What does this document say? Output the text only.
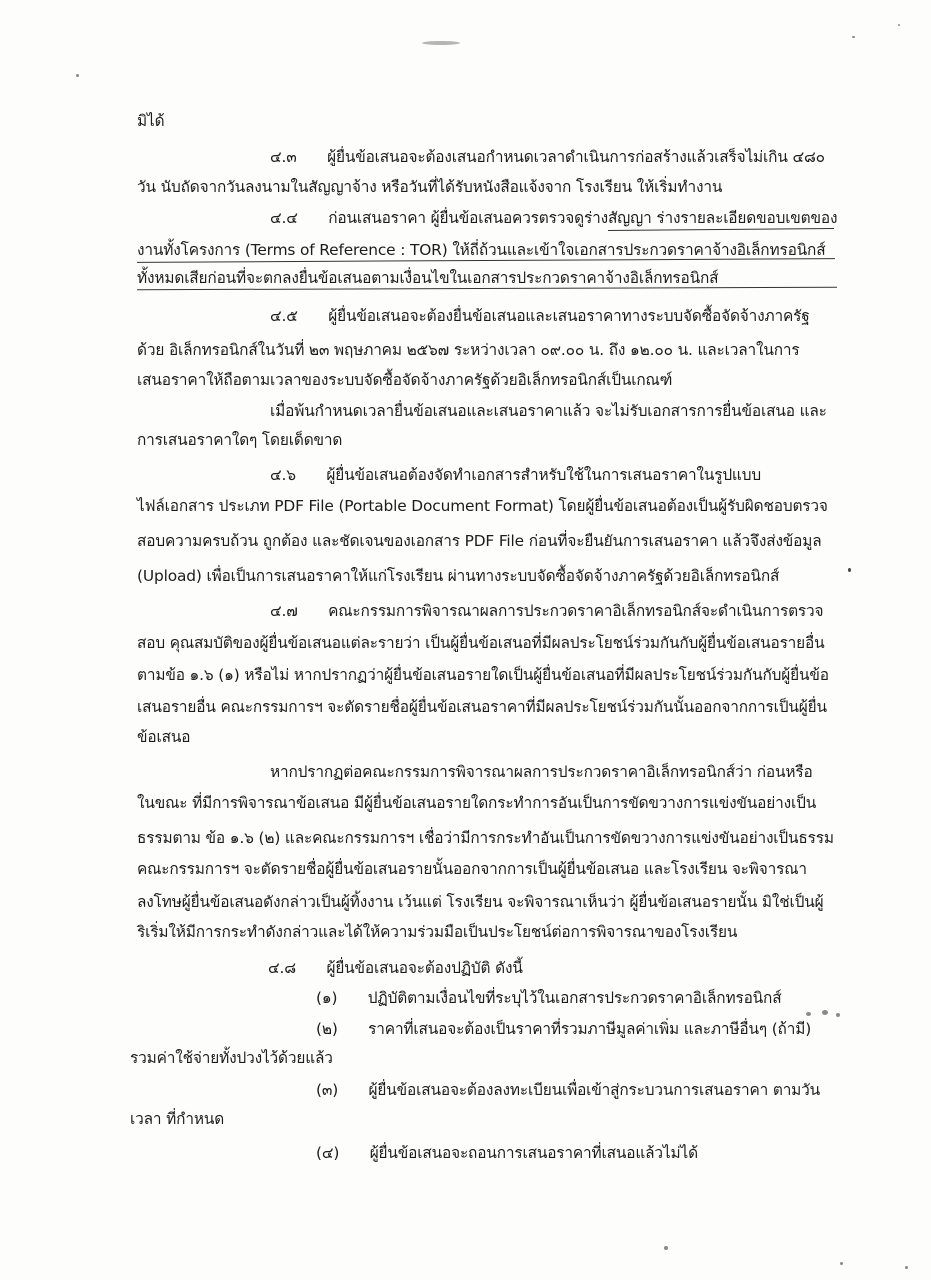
มิได้
๔.๓  ผู้ยื่นข้อเสนอจะต้องเสนอกำหนดเวลาดำเนินการก่อสร้างแล้วเสร็จไม่เกิน ๔๘๐
วัน นับถัดจากวันลงนามในสัญญาจ้าง หรือวันที่ได้รับหนังสือแจ้งจาก โรงเรียน ให้เริ่มทำงาน
๔.๔  ก่อนเสนอราคา ผู้ยื่นข้อเสนอควรตรวจดูร่างสัญญา ร่างรายละเอียดขอบเขตของ
งานทั้งโครงการ (Terms of Reference : TOR) ให้ถี่ถ้วนและเข้าใจเอกสารประกวดราคาจ้างอิเล็กทรอนิกส์
ทั้งหมดเสียก่อนที่จะตกลงยื่นข้อเสนอตามเงื่อนไขในเอกสารประกวดราคาจ้างอิเล็กทรอนิกส์
๔.๕  ผู้ยื่นข้อเสนอจะต้องยื่นข้อเสนอและเสนอราคาทางระบบจัดซื้อจัดจ้างภาครัฐ
ด้วย อิเล็กทรอนิกส์ในวันที่ ๒๓ พฤษภาคม ๒๕๖๗ ระหว่างเวลา ๐๙.๐๐ น. ถึง ๑๒.๐๐ น. และเวลาในการ
เสนอราคาให้ถือตามเวลาของระบบจัดซื้อจัดจ้างภาครัฐด้วยอิเล็กทรอนิกส์เป็นเกณฑ์
เมื่อพ้นกำหนดเวลายื่นข้อเสนอและเสนอราคาแล้ว จะไม่รับเอกสารการยื่นข้อเสนอ และ
การเสนอราคาใดๆ โดยเด็ดขาด
๔.๖  ผู้ยื่นข้อเสนอต้องจัดทำเอกสารสำหรับใช้ในการเสนอราคาในรูปแบบ
ไฟล์เอกสาร ประเภท PDF File (Portable Document Format) โดยผู้ยื่นข้อเสนอต้องเป็นผู้รับผิดชอบตรวจ
สอบความครบถ้วน ถูกต้อง และชัดเจนของเอกสาร PDF File ก่อนที่จะยืนยันการเสนอราคา แล้วจึงส่งข้อมูล
(Upload) เพื่อเป็นการเสนอราคาให้แก่โรงเรียน ผ่านทางระบบจัดซื้อจัดจ้างภาครัฐด้วยอิเล็กทรอนิกส์
๔.๗  คณะกรรมการพิจารณาผลการประกวดราคาอิเล็กทรอนิกส์จะดำเนินการตรวจ
สอบ คุณสมบัติของผู้ยื่นข้อเสนอแต่ละรายว่า เป็นผู้ยื่นข้อเสนอที่มีผลประโยชน์ร่วมกันกับผู้ยื่นข้อเสนอรายอื่น
ตามข้อ ๑.๖ (๑) หรือไม่ หากปรากฏว่าผู้ยื่นข้อเสนอรายใดเป็นผู้ยื่นข้อเสนอที่มีผลประโยชน์ร่วมกันกับผู้ยื่นข้อ
เสนอรายอื่น คณะกรรมการฯ จะตัดรายชื่อผู้ยื่นข้อเสนอราคาที่มีผลประโยชน์ร่วมกันนั้นออกจากการเป็นผู้ยื่น
ข้อเสนอ
หากปรากฏต่อคณะกรรมการพิจารณาผลการประกวดราคาอิเล็กทรอนิกส์ว่า ก่อนหรือ
ในขณะ ที่มีการพิจารณาข้อเสนอ มีผู้ยื่นข้อเสนอรายใดกระทำการอันเป็นการขัดขวางการแข่งขันอย่างเป็น
ธรรมตาม ข้อ ๑.๖ (๒) และคณะกรรมการฯ เชื่อว่ามีการกระทำอันเป็นการขัดขวางการแข่งขันอย่างเป็นธรรม
คณะกรรมการฯ จะตัดรายชื่อผู้ยื่นข้อเสนอรายนั้นออกจากการเป็นผู้ยื่นข้อเสนอ และโรงเรียน จะพิจารณา
ลงโทษผู้ยื่นข้อเสนอดังกล่าวเป็นผู้ทิ้งงาน เว้นแต่ โรงเรียน จะพิจารณาเห็นว่า ผู้ยื่นข้อเสนอรายนั้น มิใช่เป็นผู้
ริเริ่มให้มีการกระทำดังกล่าวและได้ให้ความร่วมมือเป็นประโยชน์ต่อการพิจารณาของโรงเรียน
๔.๘  ผู้ยื่นข้อเสนอจะต้องปฏิบัติ ดังนี้
(๑)  ปฏิบัติตามเงื่อนไขที่ระบุไว้ในเอกสารประกวดราคาอิเล็กทรอนิกส์
(๒)  ราคาที่เสนอจะต้องเป็นราคาที่รวมภาษีมูลค่าเพิ่ม และภาษีอื่นๆ (ถ้ามี)
รวมค่าใช้จ่ายทั้งปวงไว้ด้วยแล้ว
(๓)  ผู้ยื่นข้อเสนอจะต้องลงทะเบียนเพื่อเข้าสู่กระบวนการเสนอราคา ตามวัน
เวลา ที่กำหนด
(๔)  ผู้ยื่นข้อเสนอจะถอนการเสนอราคาที่เสนอแล้วไม่ได้
